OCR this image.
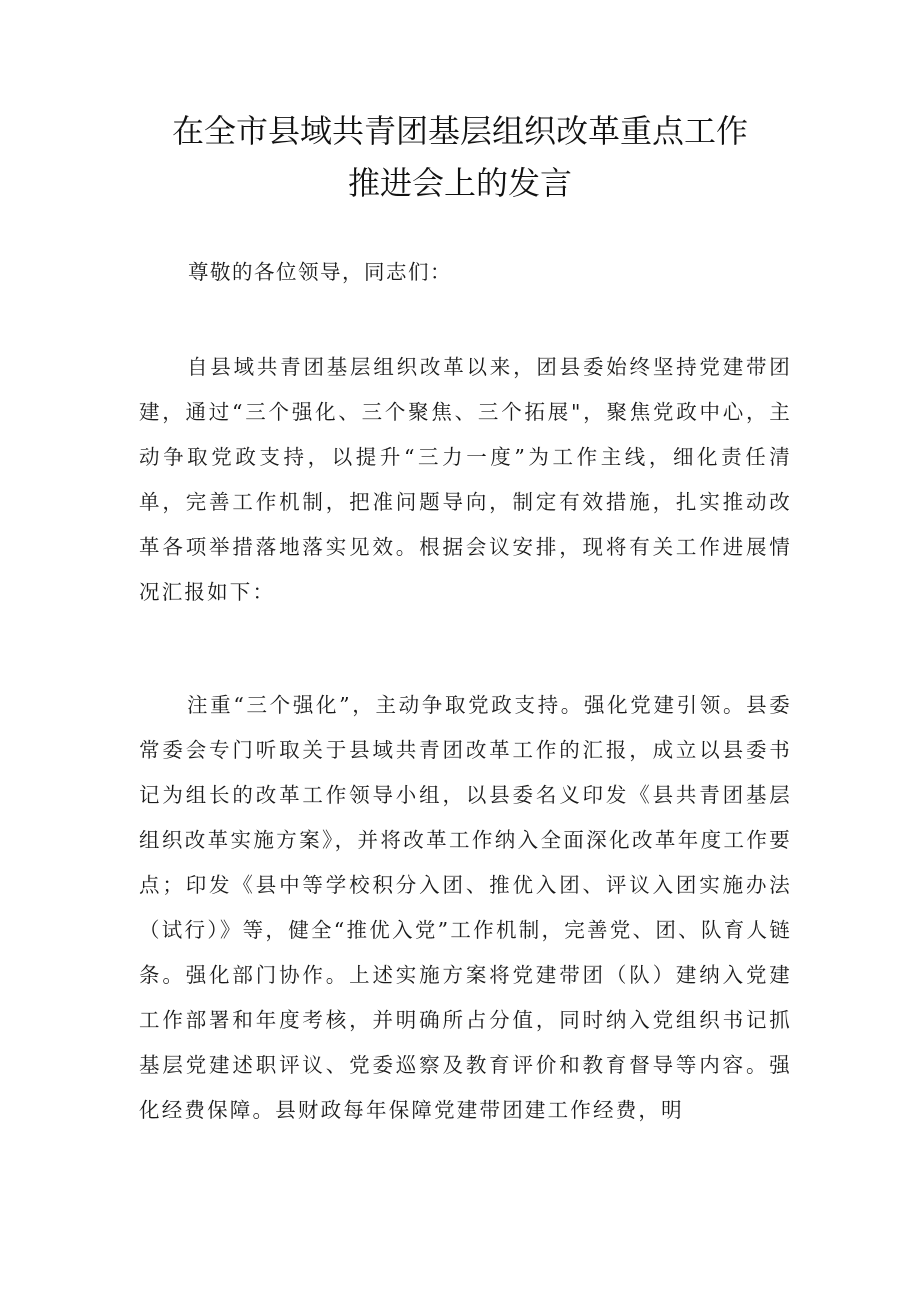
在全市县域共青团基层组织改革重点工作
推进会上的发言
尊敬的各位领导，同志们：

自县域共青团基层组织改革以来，团县委始终坚持党建带团建，通过“三个强化、三个聚焦、三个拓展"，聚焦党政中心，主动争取党政支持，以提升“三力一度”为工作主线，细化责任清单，完善工作机制，把准问题导向，制定有效措施，扎实推动改革各项举措落地落实见效。根据会议安排，现将有关工作进展情况汇报如下：

注重“三个强化”，主动争取党政支持。强化党建引领。县委常委会专门听取关于县域共青团改革工作的汇报，成立以县委书记为组长的改革工作领导小组，以县委名义印发《县共青团基层组织改革实施方案》，并将改革工作纳入全面深化改革年度工作要点；印发《县中等学校积分入团、推优入团、评议入团实施办法（试行）》等，健全“推优入党”工作机制，完善党、团、队育人链条。强化部门协作。上述实施方案将党建带团（队）建纳入党建工作部署和年度考核，并明确所占分值，同时纳入党组织书记抓基层党建述职评议、党委巡察及教育评价和教育督导等内容。强化经费保障。县财政每年保障党建带团建工作经费，明
